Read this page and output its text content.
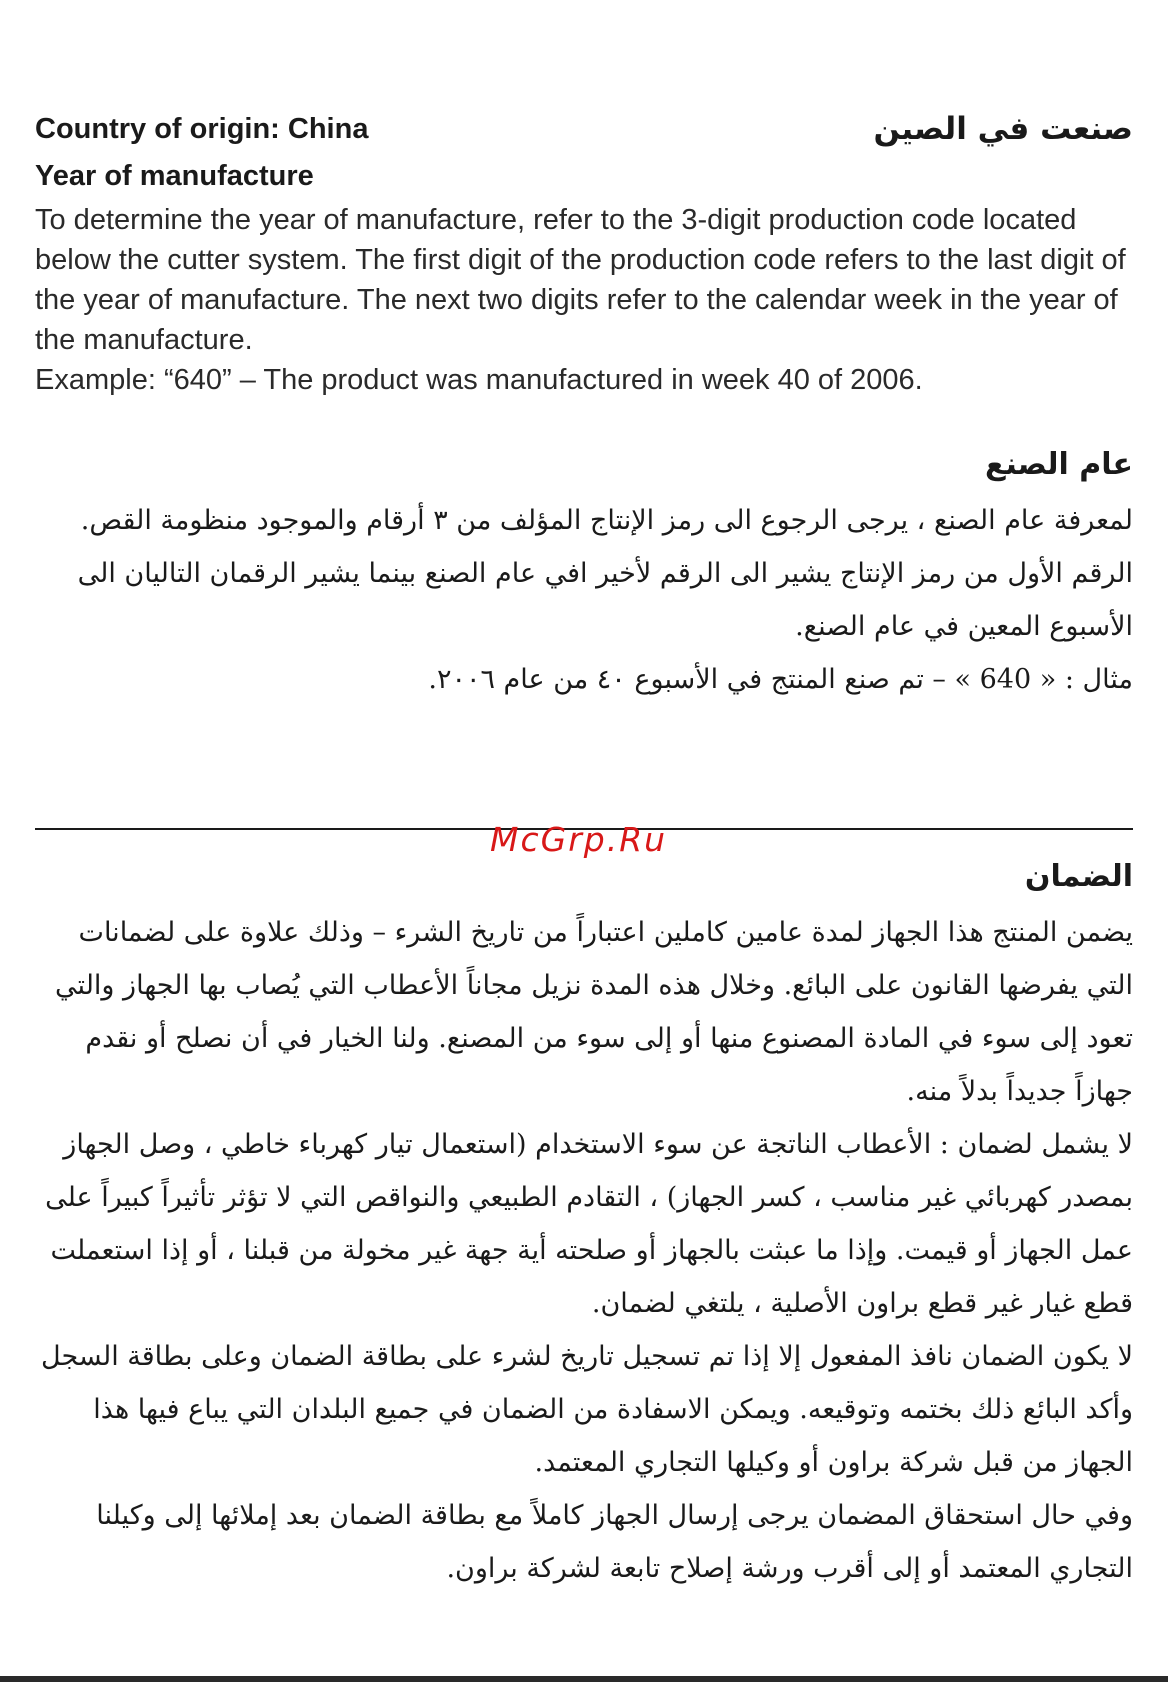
Country of origin: China

Year of manufacture

To determine the year of manufacture, refer to the 3-digit production code located below the cutter system. The first digit of the production code refers to the last digit of the year of manufacture. The next two digits refer to the calendar week in the year of the manufacture.

Example: “640” – The product was manufactured in week 40 of 2006.

صنعت في الصين

عام الصنع

لمعرفة عام الصنع ، يرجى الرجوع الى رمز الإنتاج المؤلف من ٣ أرقام والموجود منظومة القص. الرقم الأول من رمز الإنتاج يشير الى الرقم لأخير افي عام الصنع بينما يشير الرقمان التاليان الى الأسبوع المعين في عام الصنع.

مثال : « 640 » – تم صنع المنتج في الأسبوع ٤٠ من عام ٢٠٠٦.

McGrp.Ru

الضمان

يضمن المنتج هذا الجهاز لمدة عامين كاملين اعتباراً من تاريخ الشرء – وذلك علاوة على لضمانات التي يفرضها القانون على البائع. وخلال هذه المدة نزيل مجاناً الأعطاب التي يُصاب بها الجهاز والتي تعود إلى سوء في المادة المصنوع منها أو إلى سوء من المصنع. ولنا الخيار في أن نصلح أو نقدم جهازاً جديداً بدلاً منه.

لا يشمل لضمان : الأعطاب الناتجة عن سوء الاستخدام (استعمال تيار كهرباء خاطي ، وصل الجهاز بمصدر كهربائي غير مناسب ، كسر الجهاز) ، التقادم الطبيعي والنواقص التي لا تؤثر تأثيراً كبيراً على عمل الجهاز أو قيمت. وإذا ما عبثت بالجهاز أو صلحته أية جهة غير مخولة من قبلنا ، أو إذا استعملت قطع غيار غير قطع براون الأصلية ، يلتغي لضمان.

لا يكون الضمان نافذ المفعول إلا إذا تم تسجيل تاريخ لشرء على بطاقة الضمان وعلى بطاقة السجل وأكد البائع ذلك بختمه وتوقيعه. ويمكن الاسفادة من الضمان في جميع البلدان التي يباع فيها هذا الجهاز من قبل شركة براون أو وكيلها التجاري المعتمد.

وفي حال استحقاق المضمان يرجى إرسال الجهاز كاملاً مع بطاقة الضمان بعد إملائها إلى وكيلنا التجاري المعتمد أو إلى أقرب ورشة إصلاح تابعة لشركة براون.
